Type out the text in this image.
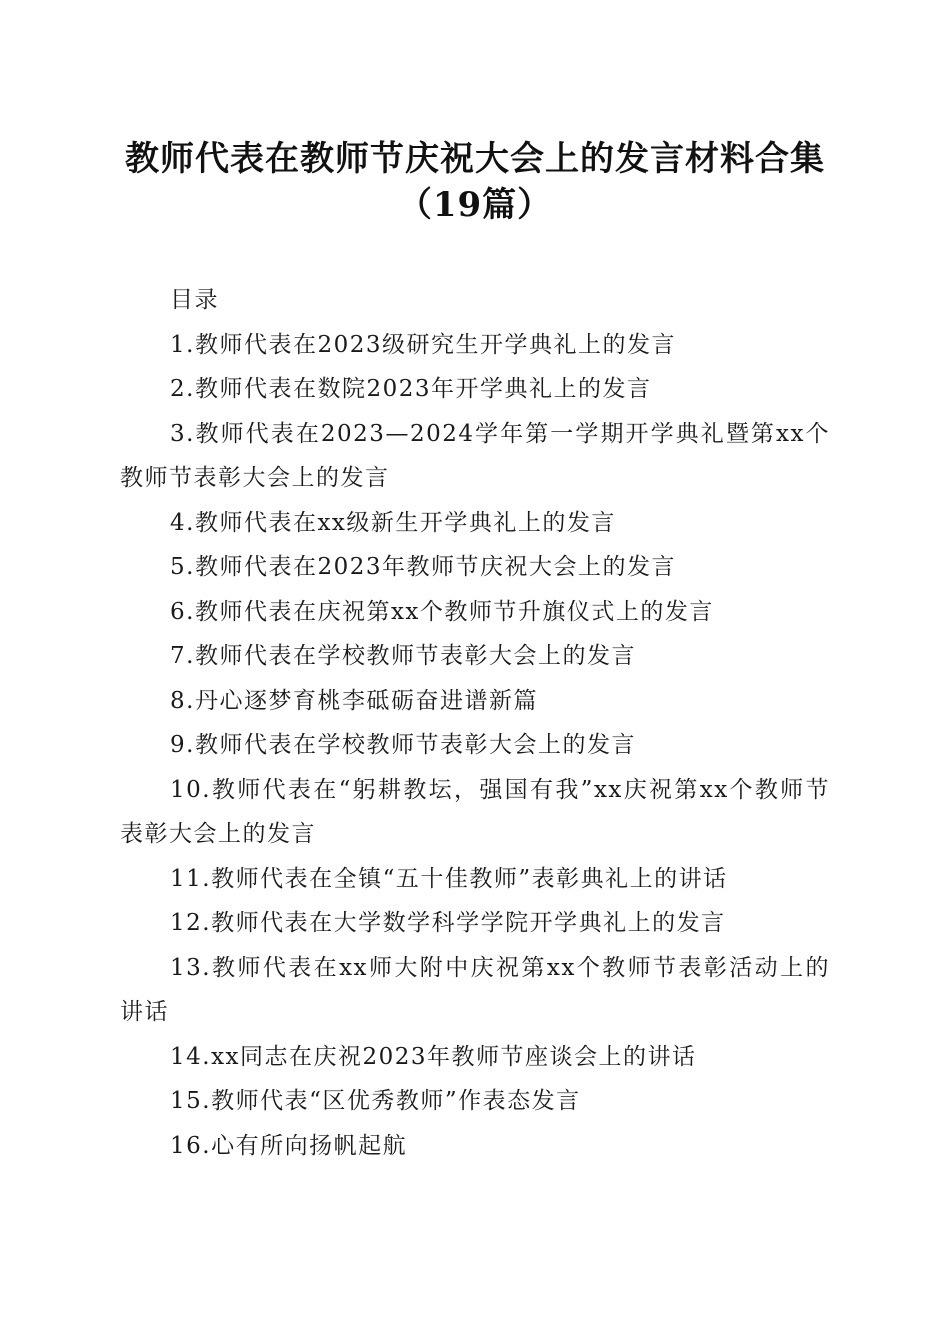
教师代表在教师节庆祝大会上的发言材料合集
（19篇）

目录

1.教师代表在2023级研究生开学典礼上的发言

2.教师代表在数院2023年开学典礼上的发言

3.教师代表在2023—2024学年第一学期开学典礼暨第xx个教师节表彰大会上的发言

4.教师代表在xx级新生开学典礼上的发言

5.教师代表在2023年教师节庆祝大会上的发言

6.教师代表在庆祝第xx个教师节升旗仪式上的发言

7.教师代表在学校教师节表彰大会上的发言

8.丹心逐梦育桃李砥砺奋进谱新篇

9.教师代表在学校教师节表彰大会上的发言

10.教师代表在“躬耕教坛，强国有我”xx庆祝第xx个教师节表彰大会上的发言

11.教师代表在全镇“五十佳教师”表彰典礼上的讲话

12.教师代表在大学数学科学学院开学典礼上的发言

13.教师代表在xx师大附中庆祝第xx个教师节表彰活动上的讲话

14.xx同志在庆祝2023年教师节座谈会上的讲话

15.教师代表“区优秀教师”作表态发言

16.心有所向扬帆起航
